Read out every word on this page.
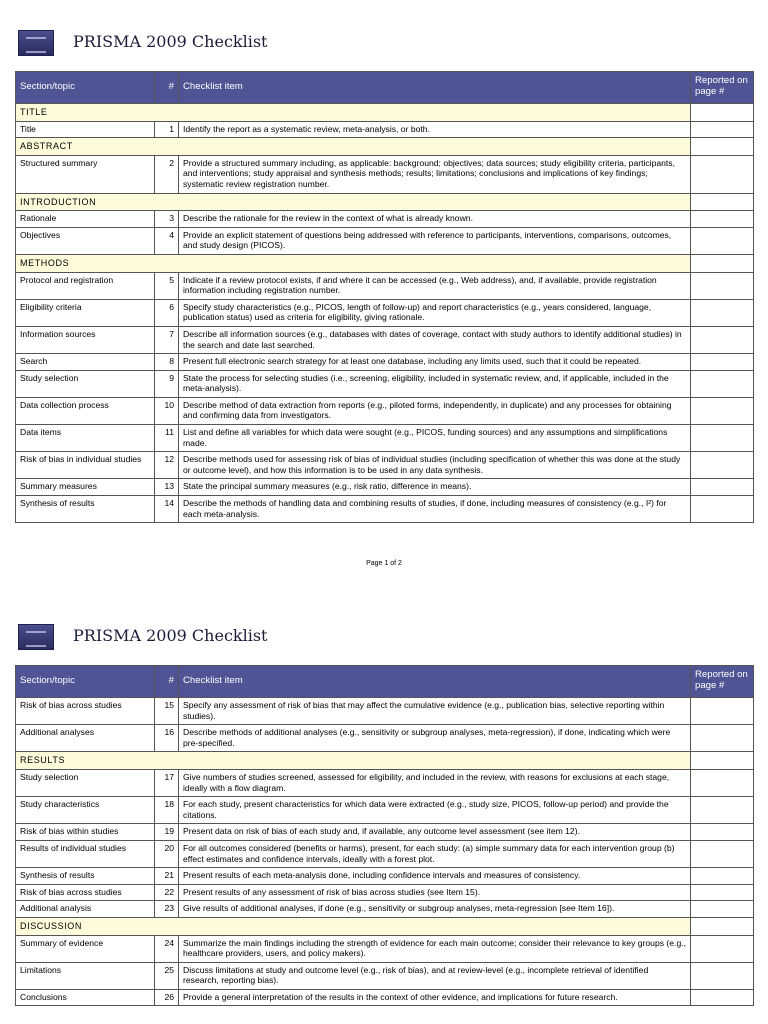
PRISMA 2009 Checklist
Section/topic	#	Checklist item	Reported on page #
TITLE			
Title	1	Identify the report as a systematic review, meta-analysis, or both.	
ABSTRACT			
Structured summary	2	Provide a structured summary including, as applicable: background; objectives; data sources; study eligibility criteria, participants, and interventions; study appraisal and synthesis methods; results; limitations; conclusions and implications of key findings; systematic review registration number.	
INTRODUCTION			
Rationale	3	Describe the rationale for the review in the context of what is already known.	
Objectives	4	Provide an explicit statement of questions being addressed with reference to participants, interventions, comparisons, outcomes, and study design (PICOS).	
METHODS			
Protocol and registration	5	Indicate if a review protocol exists, if and where it can be accessed (e.g., Web address), and, if available, provide registration information including registration number.	
Eligibility criteria	6	Specify study characteristics (e.g., PICOS, length of follow-up) and report characteristics (e.g., years considered, language, publication status) used as criteria for eligibility, giving rationale.	
Information sources	7	Describe all information sources (e.g., databases with dates of coverage, contact with study authors to identify additional studies) in the search and date last searched.	
Search	8	Present full electronic search strategy for at least one database, including any limits used, such that it could be repeated.	
Study selection	9	State the process for selecting studies (i.e., screening, eligibility, included in systematic review, and, if applicable, included in the meta-analysis).	
Data collection process	10	Describe method of data extraction from reports (e.g., piloted forms, independently, in duplicate) and any processes for obtaining and confirming data from investigators.	
Data items	11	List and define all variables for which data were sought (e.g., PICOS, funding sources) and any assumptions and simplifications made.	
Risk of bias in individual studies	12	Describe methods used for assessing risk of bias of individual studies (including specification of whether this was done at the study or outcome level), and how this information is to be used in any data synthesis.	
Summary measures	13	State the principal summary measures (e.g., risk ratio, difference in means).	
Synthesis of results	14	Describe the methods of handling data and combining results of studies, if done, including measures of consistency (e.g., I²) for each meta-analysis.	
Page 1 of 2
PRISMA 2009 Checklist
Section/topic	#	Checklist item	Reported on page #
Risk of bias across studies	15	Specify any assessment of risk of bias that may affect the cumulative evidence (e.g., publication bias, selective reporting within studies).	
Additional analyses	16	Describe methods of additional analyses (e.g., sensitivity or subgroup analyses, meta-regression), if done, indicating which were pre-specified.	
RESULTS			
Study selection	17	Give numbers of studies screened, assessed for eligibility, and included in the review, with reasons for exclusions at each stage, ideally with a flow diagram.	
Study characteristics	18	For each study, present characteristics for which data were extracted (e.g., study size, PICOS, follow-up period) and provide the citations.	
Risk of bias within studies	19	Present data on risk of bias of each study and, if available, any outcome level assessment (see item 12).	
Results of individual studies	20	For all outcomes considered (benefits or harms), present, for each study: (a) simple summary data for each intervention group (b) effect estimates and confidence intervals, ideally with a forest plot.	
Synthesis of results	21	Present results of each meta-analysis done, including confidence intervals and measures of consistency.	
Risk of bias across studies	22	Present results of any assessment of risk of bias across studies (see Item 15).	
Additional analysis	23	Give results of additional analyses, if done (e.g., sensitivity or subgroup analyses, meta-regression [see Item 16]).	
DISCUSSION			
Summary of evidence	24	Summarize the main findings including the strength of evidence for each main outcome; consider their relevance to key groups (e.g., healthcare providers, users, and policy makers).	
Limitations	25	Discuss limitations at study and outcome level (e.g., risk of bias), and at review-level (e.g., incomplete retrieval of identified research, reporting bias).	
Conclusions	26	Provide a general interpretation of the results in the context of other evidence, and implications for future research.	
